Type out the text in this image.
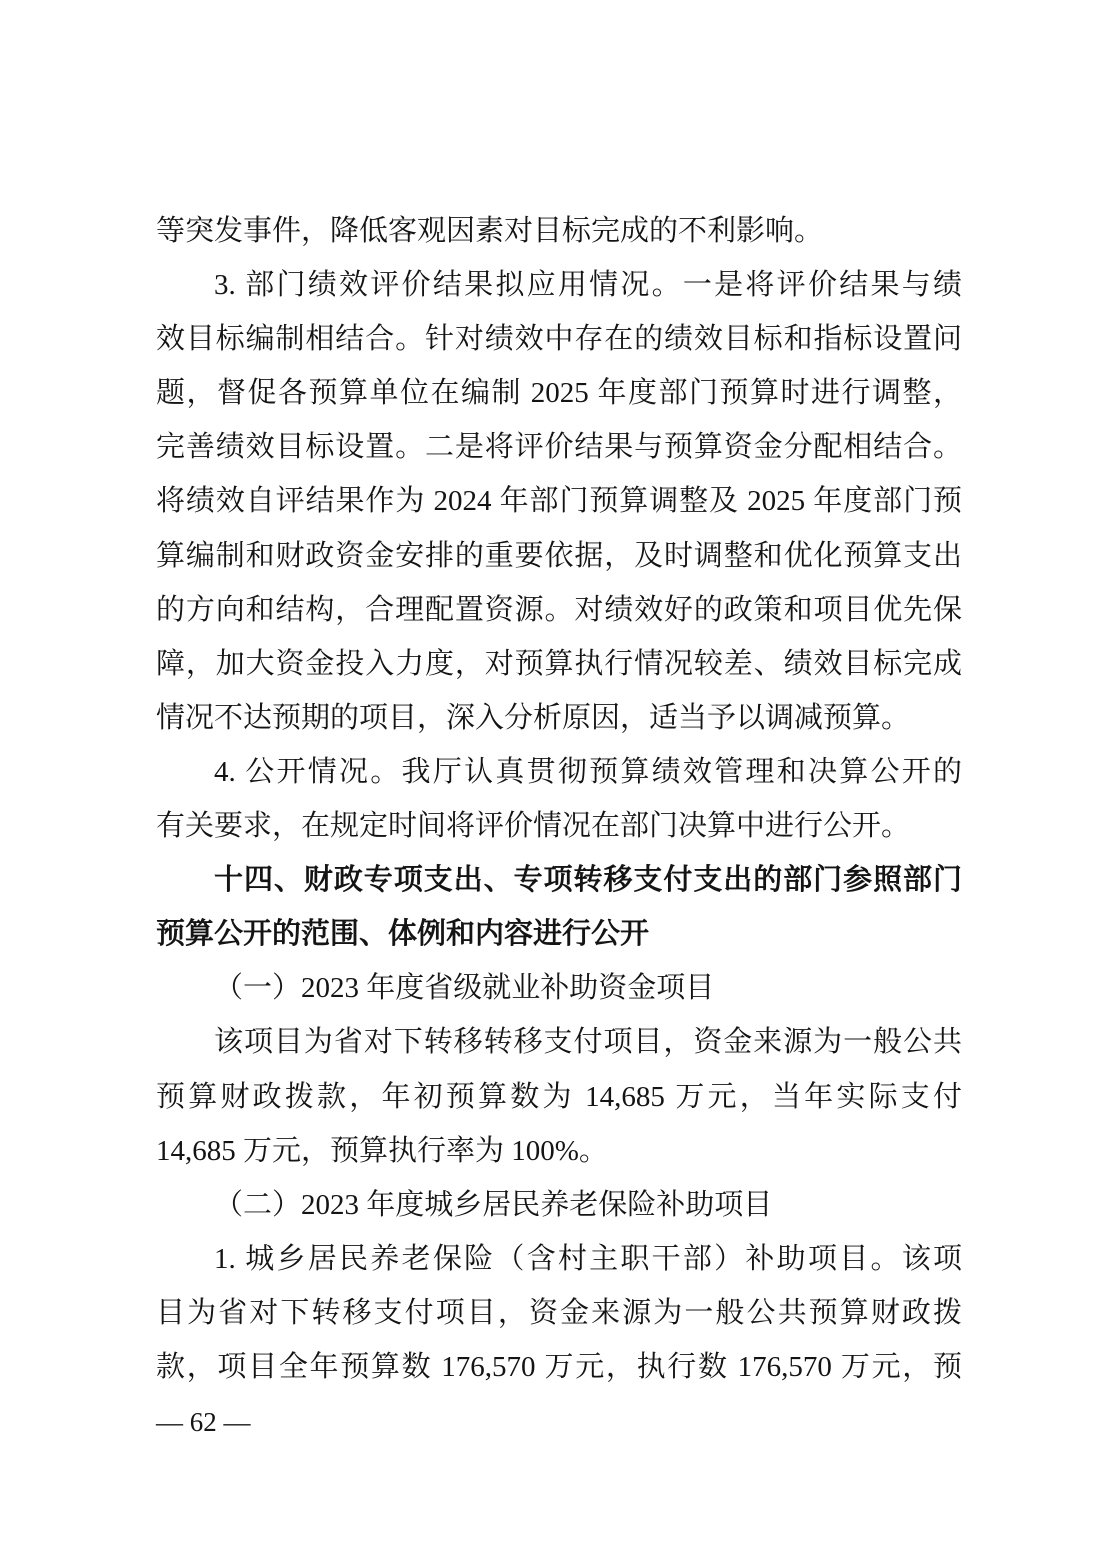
等突发事件，降低客观因素对目标完成的不利影响。

3. 部门绩效评价结果拟应用情况。一是将评价结果与绩

效目标编制相结合。针对绩效中存在的绩效目标和指标设置问

题，督促各预算单位在编制 2025 年度部门预算时进行调整，

完善绩效目标设置。二是将评价结果与预算资金分配相结合。

将绩效自评结果作为 2024 年部门预算调整及 2025 年度部门预

算编制和财政资金安排的重要依据，及时调整和优化预算支出

的方向和结构，合理配置资源。对绩效好的政策和项目优先保

障，加大资金投入力度，对预算执行情况较差、绩效目标完成

情况不达预期的项目，深入分析原因，适当予以调减预算。

4. 公开情况。我厅认真贯彻预算绩效管理和决算公开的

有关要求，在规定时间将评价情况在部门决算中进行公开。

十四、财政专项支出、专项转移支付支出的部门参照部门

预算公开的范围、体例和内容进行公开

（一）2023 年度省级就业补助资金项目

该项目为省对下转移转移支付项目，资金来源为一般公共

预算财政拨款，年初预算数为 14,685 万元，当年实际支付

14,685 万元，预算执行率为 100%。

（二）2023 年度城乡居民养老保险补助项目

1. 城乡居民养老保险（含村主职干部）补助项目。该项

目为省对下转移支付项目，资金来源为一般公共预算财政拨

款，项目全年预算数 176,570 万元，执行数 176,570 万元，预

— 62 —
